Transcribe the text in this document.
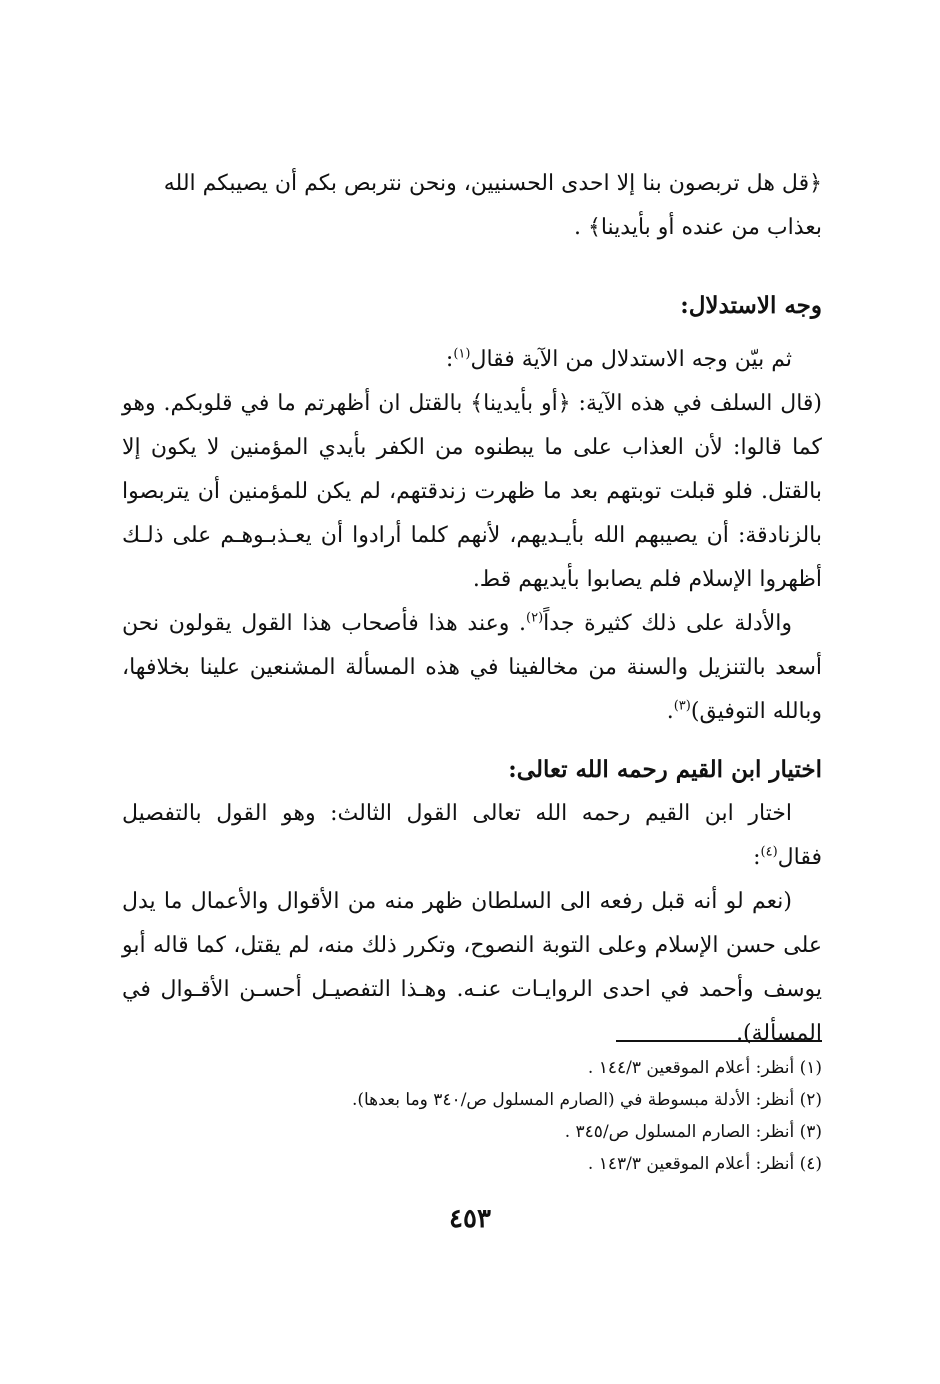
﴿قل هل تربصون بنا إلا احدى الحسنيين، ونحن نتربص بكم أن يصيبكم الله
بعذاب من عنده أو بأيدينا﴾ .

وجه الاستدلال:

ثم بيّن وجه الاستدلال من الآية فقال$^{(١)}$:

(قال السلف في هذه الآية: ﴿أو بأيدينا﴾ بالقتل ان أظهرتم ما في قلوبكم. وهو كما قالوا: لأن العذاب على ما يبطنوه من الكفر بأيدي المؤمنين لا يكون إلا بالقتل. فلو قبلت توبتهم بعد ما ظهرت زندقتهم، لم يكن للمؤمنين أن يتربصوا بالزنادقة: أن يصيبهم الله بأيـديهم، لأنهم كلما أرادوا أن يعـذبـوهـم على ذلـك أظهروا الإسلام فلم يصابوا بأيديهم قط.

والأدلة على ذلك كثيرة جداً$^{(٢)}$. وعند هذا فأصحاب هذا القول يقولون نحن أسعد بالتنزيل والسنة من مخالفينا في هذه المسألة المشنعين علينا بخلافها، وبالله التوفيق)$^{(٣)}$.

اختيار ابن القيم رحمه الله تعالى:

اختار ابن القيم رحمه الله تعالى القول الثالث: وهو القول بالتفصيل فقال$^{(٤)}$:

(نعم لو أنه قبل رفعه الى السلطان ظهر منه من الأقوال والأعمال ما يدل على حسن الإسلام وعلى التوبة النصوح، وتكرر ذلك منه، لم يقتل، كما قاله أبو يوسف وأحمد في احدى الروايـات عنـه. وهـذا التفصيـل أحسـن الأقـوال في المسألة).

(١) أنظر: أعلام الموقعين ١٤٤/٣ .

(٢) أنظر: الأدلة مبسوطة في (الصارم المسلول ص/٣٤٠ وما بعدها).

(٣) أنظر: الصارم المسلول ص/٣٤٥ .

(٤) أنظر: أعلام الموقعين ١٤٣/٣ .

٤٥٣
